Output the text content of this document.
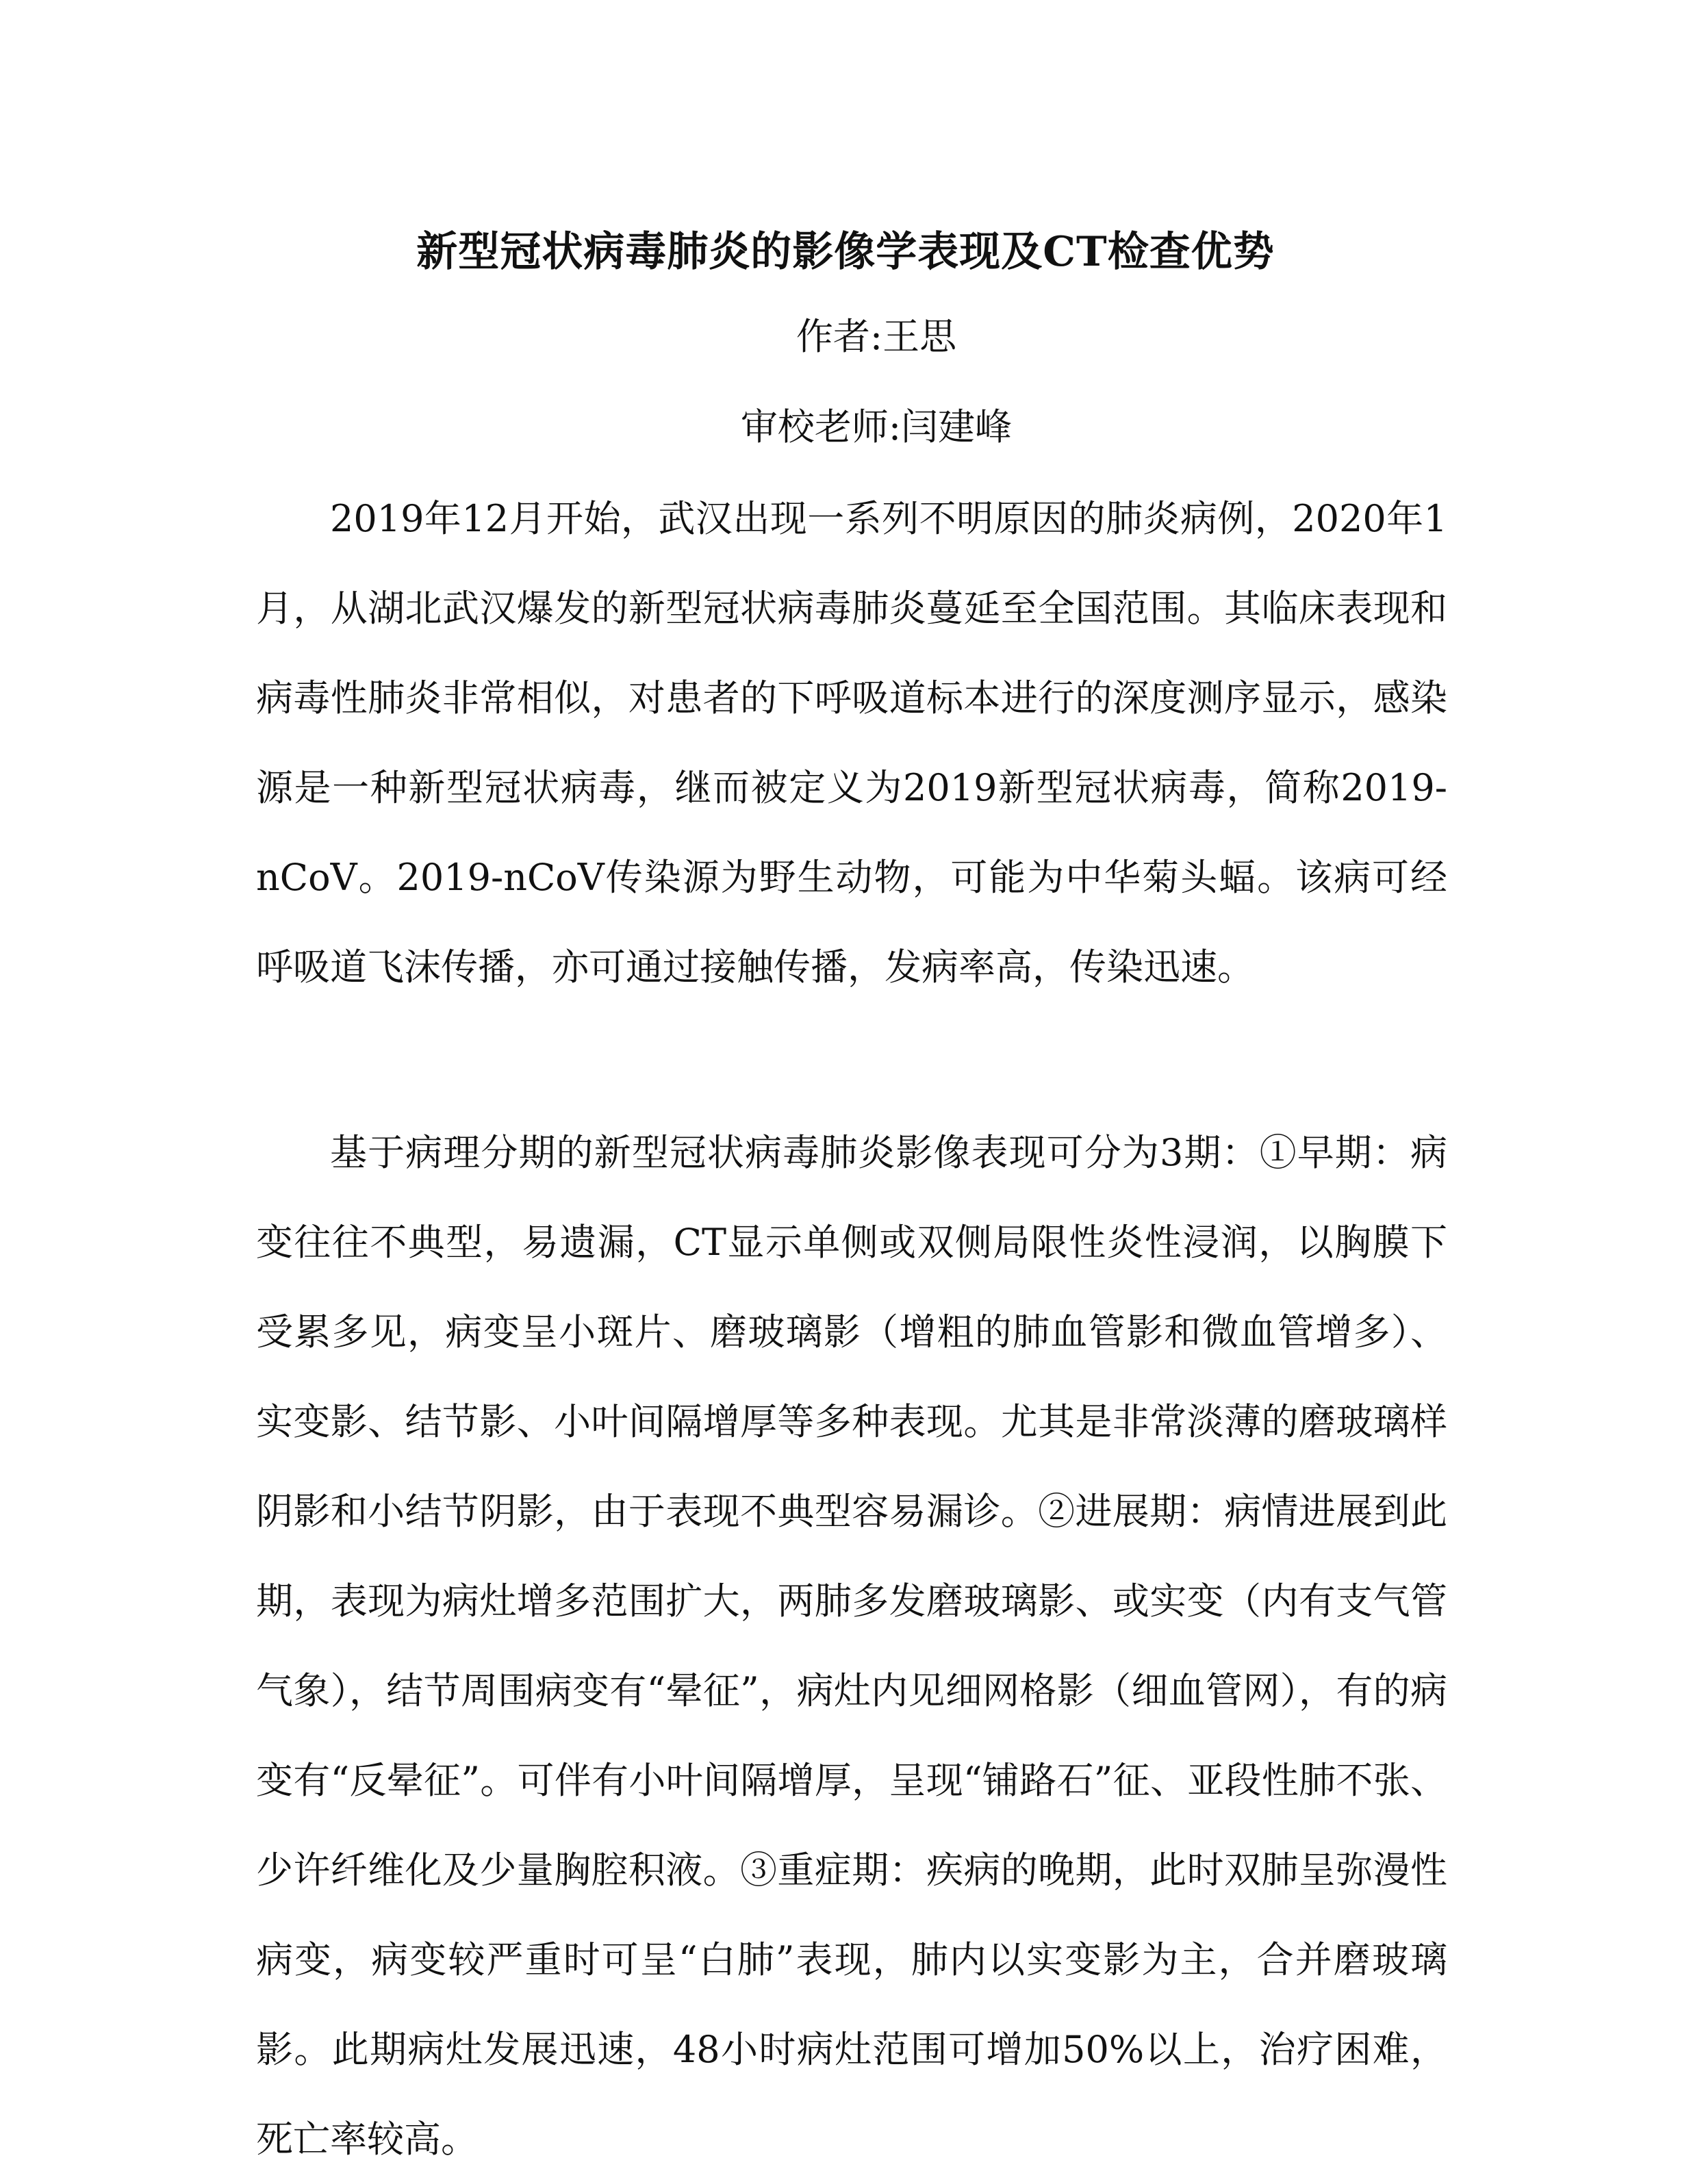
新型冠状病毒肺炎的影像学表现及CT检查优势
作者:王思
审校老师:闫建峰

2019年12月开始，武汉出现一系列不明原因的肺炎病例，2020年1月，从湖北武汉爆发的新型冠状病毒肺炎蔓延至全国范围。其临床表现和病毒性肺炎非常相似，对患者的下呼吸道标本进行的深度测序显示，感染源是一种新型冠状病毒，继而被定义为2019新型冠状病毒，简称2019-nCoV。2019-nCoV传染源为野生动物，可能为中华菊头蝠。该病可经呼吸道飞沫传播，亦可通过接触传播，发病率高，传染迅速。

基于病理分期的新型冠状病毒肺炎影像表现可分为3期：①早期：病变往往不典型，易遗漏，CT显示单侧或双侧局限性炎性浸润，以胸膜下受累多见，病变呈小斑片、磨玻璃影（增粗的肺血管影和微血管增多）、实变影、结节影、小叶间隔增厚等多种表现。尤其是非常淡薄的磨玻璃样阴影和小结节阴影，由于表现不典型容易漏诊。②进展期：病情进展到此期，表现为病灶增多范围扩大，两肺多发磨玻璃影、或实变（内有支气管气象），结节周围病变有“晕征”，病灶内见细网格影（细血管网），有的病变有“反晕征”。可伴有小叶间隔增厚，呈现“铺路石”征、亚段性肺不张、少许纤维化及少量胸腔积液。③重症期：疾病的晚期，此时双肺呈弥漫性病变，病变较严重时可呈“白肺”表现，肺内以实变影为主，合并磨玻璃影。此期病灶发展迅速，48小时病灶范围可增加50%以上，治疗困难，死亡率较高。
